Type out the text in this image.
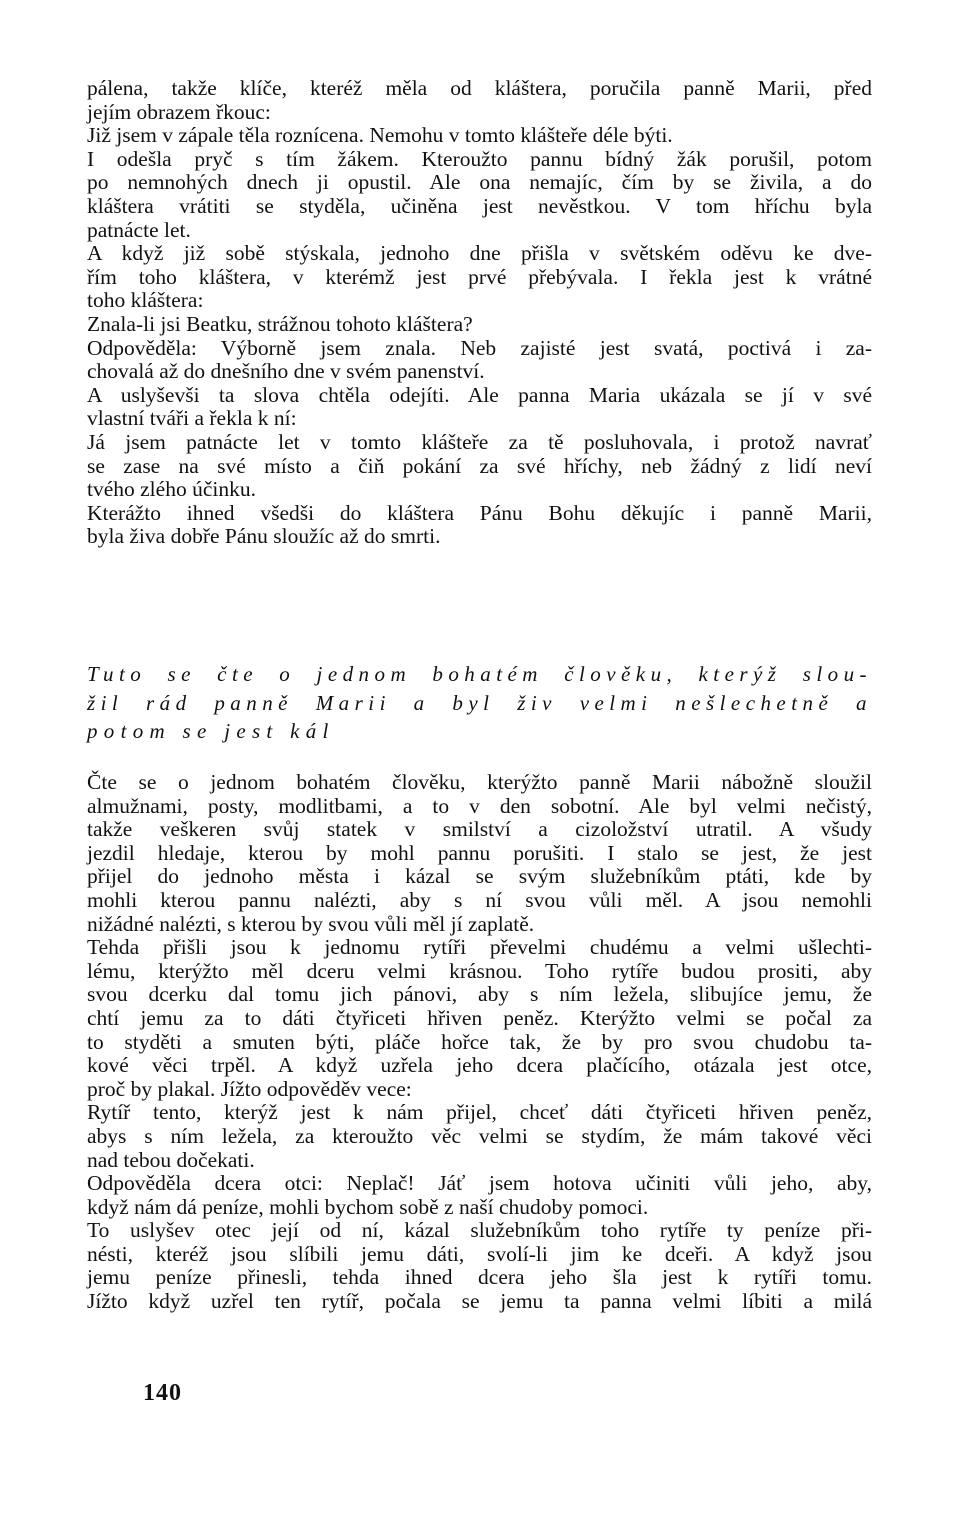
pálena, takže klíče, kteréž měla od kláštera, poručila panně Marii, před
jejím obrazem řkouc:
Již jsem v zápale těla roznícena. Nemohu v tomto klášteře déle býti.
I odešla pryč s tím žákem. Kteroužto pannu bídný žák porušil, potom
po nemnohých dnech ji opustil. Ale ona nemajíc, čím by se živila, a do
kláštera vrátiti se styděla, učiněna jest nevěstkou. V tom hříchu byla
patnácte let.
A když již sobě stýskala, jednoho dne přišla v světském oděvu ke dve-
řím toho kláštera, v kterémž jest prvé přebývala. I řekla jest k vrátné
toho kláštera:
Znala-li jsi Beatku, strážnou tohoto kláštera?
Odpověděla: Výborně jsem znala. Neb zajisté jest svatá, poctivá i za-
chovalá až do dnešního dne v svém panenství.
A uslyševši ta slova chtěla odejíti. Ale panna Maria ukázala se jí v své
vlastní tváři a řekla k ní:
Já jsem patnácte let v tomto klášteře za tě posluhovala, i protož navrať
se zase na své místo a čiň pokání za své hříchy, neb žádný z lidí neví
tvého zlého účinku.
Kterážto ihned všedši do kláštera Pánu Bohu děkujíc i panně Marii,
byla živa dobře Pánu sloužíc až do smrti.
Tuto se čte o jednom bohatém člověku, kterýž slou-
žil rád panně Marii a byl živ velmi nešlechetně a
potom se jest kál
Čte se o jednom bohatém člověku, kterýžto panně Marii nábožně sloužil
almužnami, posty, modlitbami, a to v den sobotní. Ale byl velmi nečistý,
takže veškeren svůj statek v smilství a cizoložství utratil. A všudy
jezdil hledaje, kterou by mohl pannu porušiti. I stalo se jest, že jest
přijel do jednoho města i kázal se svým služebníkům ptáti, kde by
mohli kterou pannu nalézti, aby s ní svou vůli měl. A jsou nemohli
nižádné nalézti, s kterou by svou vůli měl jí zaplatě.
Tehda přišli jsou k jednomu rytíři převelmi chudému a velmi ušlechti-
lému, kterýžto měl dceru velmi krásnou. Toho rytíře budou prositi, aby
svou dcerku dal tomu jich pánovi, aby s ním ležela, slibujíce jemu, že
chtí jemu za to dáti čtyřiceti hřiven peněz. Kterýžto velmi se počal za
to styděti a smuten býti, pláče hořce tak, že by pro svou chudobu ta-
kové věci trpěl. A když uzřela jeho dcera plačícího, otázala jest otce,
proč by plakal. Jížto odpověděv vece:
Rytíř tento, kterýž jest k nám přijel, chceť dáti čtyřiceti hřiven peněz,
abys s ním ležela, za kteroužto věc velmi se stydím, že mám takové věci
nad tebou dočekati.
Odpověděla dcera otci: Neplač! Jáť jsem hotova učiniti vůli jeho, aby,
když nám dá peníze, mohli bychom sobě z naší chudoby pomoci.
To uslyšev otec její od ní, kázal služebníkům toho rytíře ty peníze při-
nésti, kteréž jsou slíbili jemu dáti, svolí-li jim ke dceři. A když jsou
jemu peníze přinesli, tehda ihned dcera jeho šla jest k rytíři tomu.
Jížto když uzřel ten rytíř, počala se jemu ta panna velmi líbiti a milá
140
